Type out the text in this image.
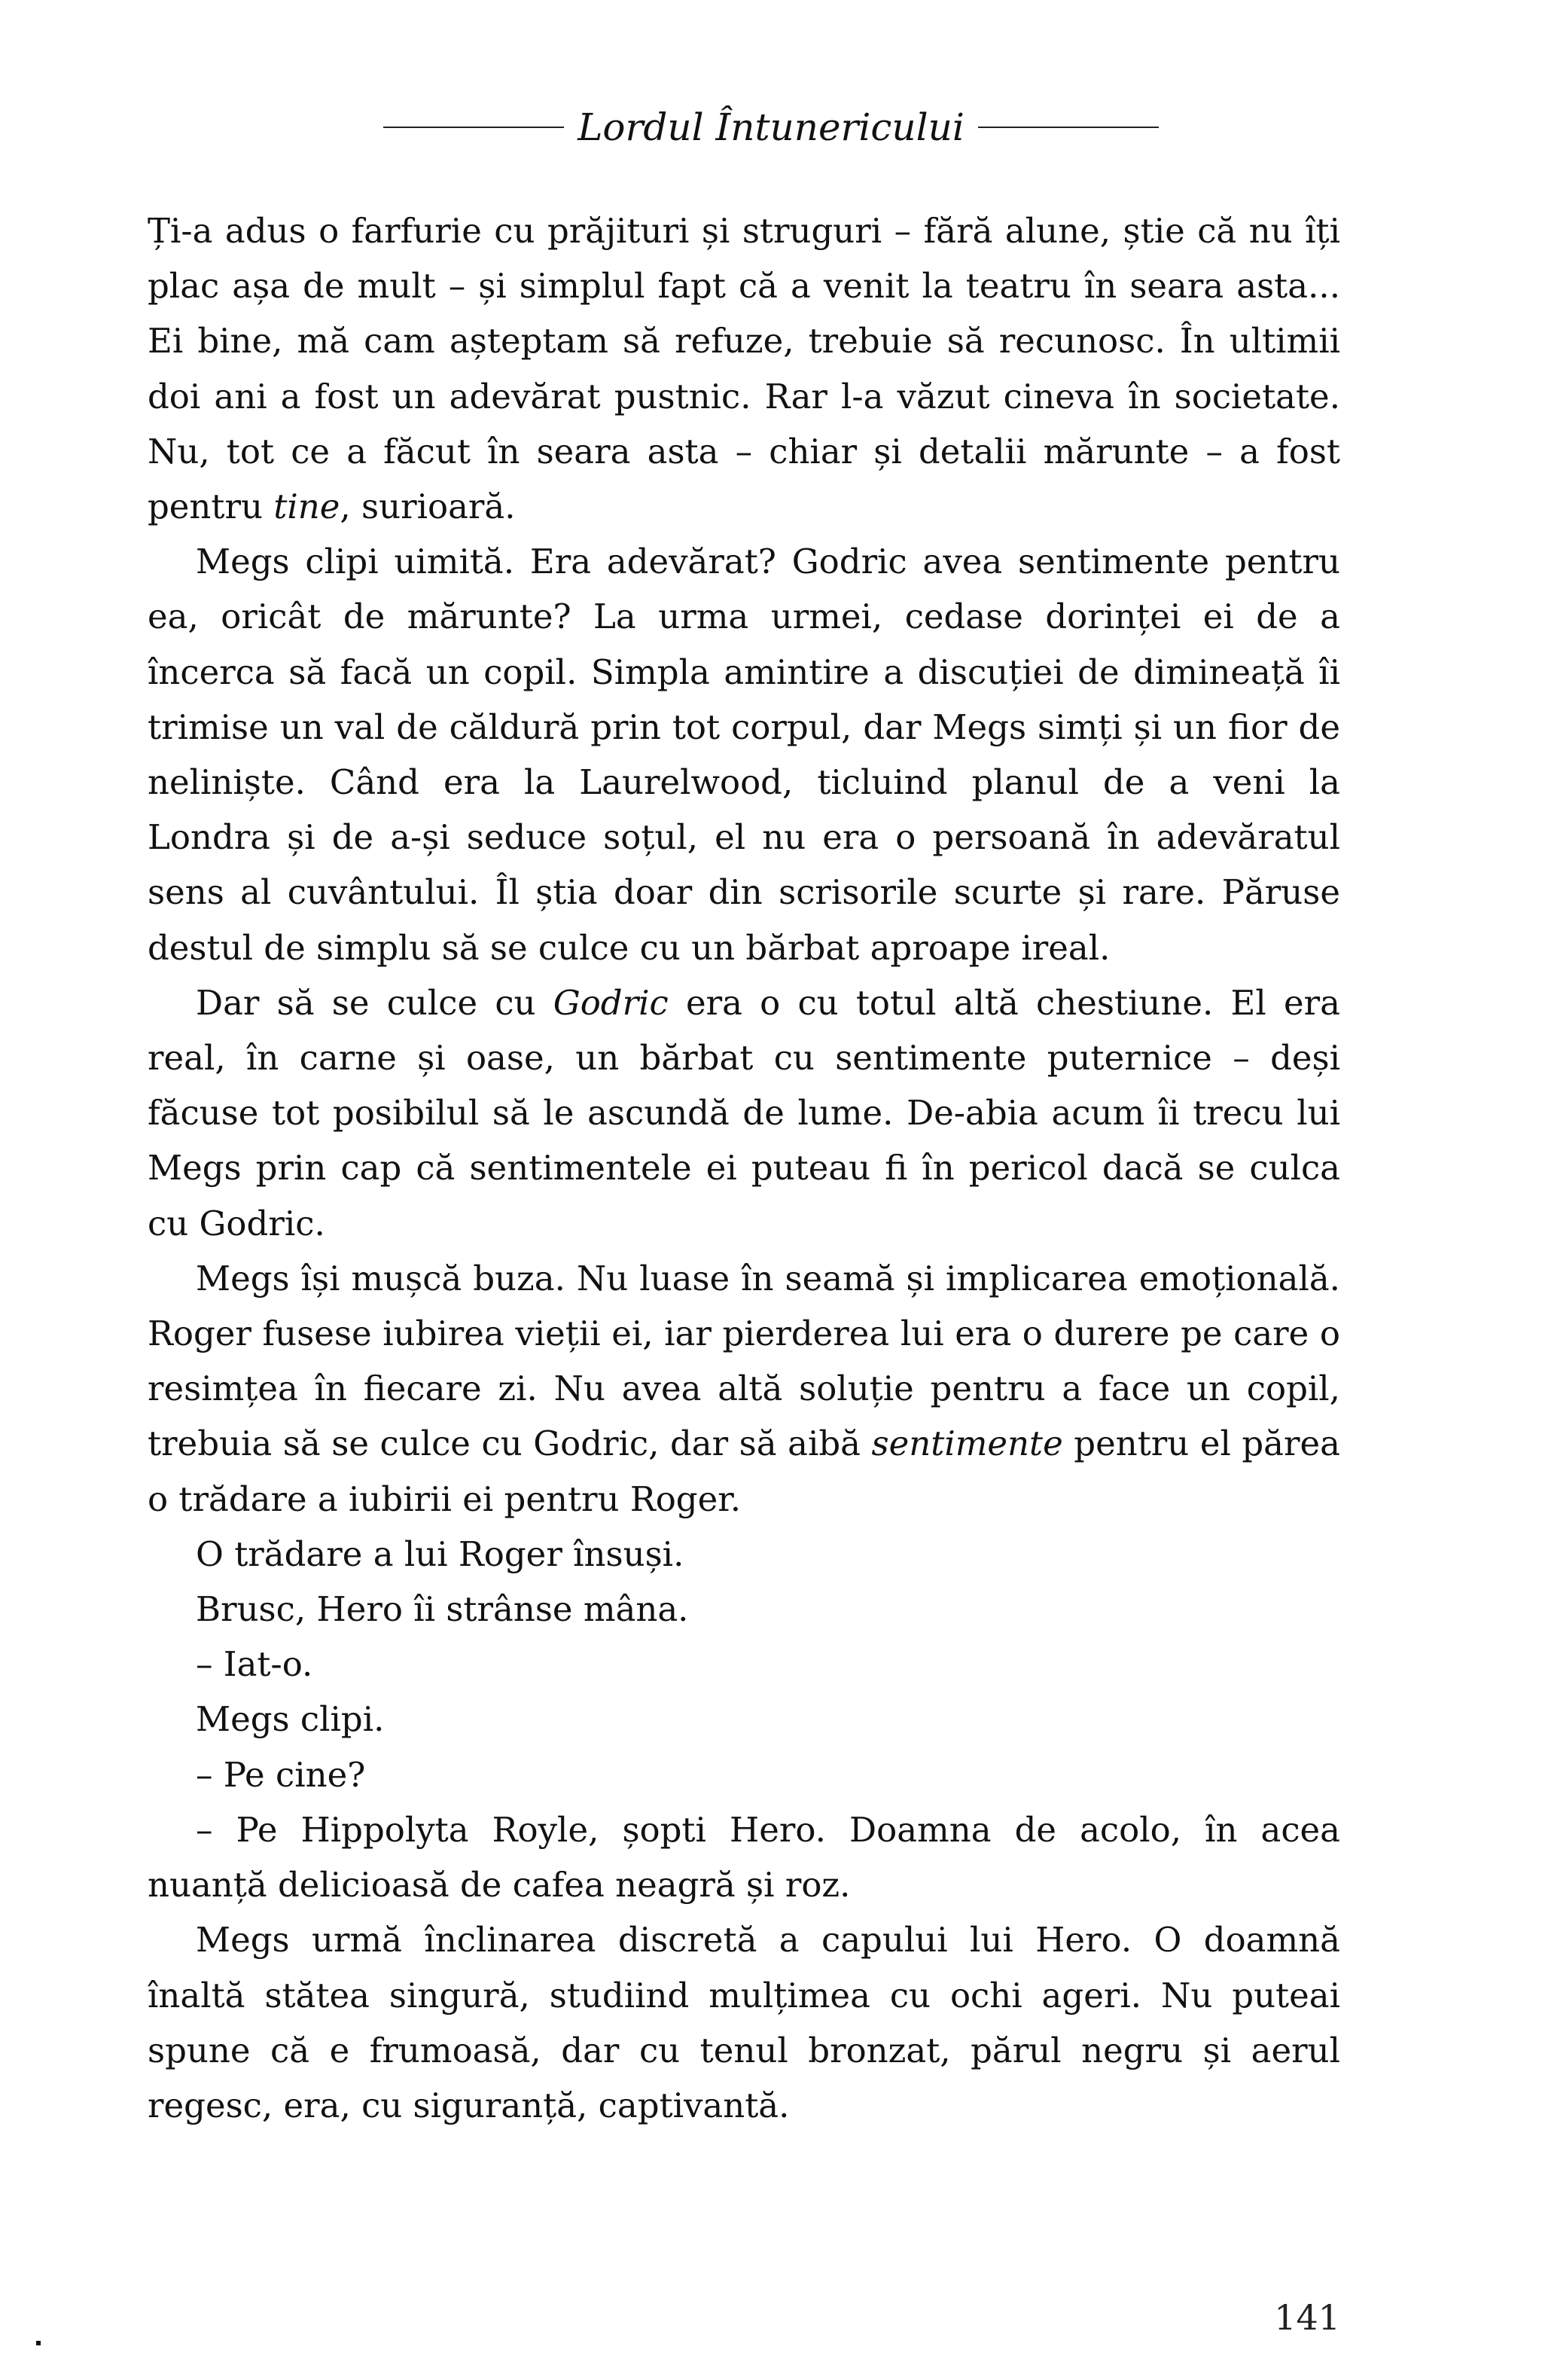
Lordul Întunericului

Ți-a adus o farfurie cu prăjituri și struguri – fără alune, știe că nu îți plac așa de mult – și simplul fapt că a venit la teatru în seara asta... Ei bine, mă cam așteptam să refuze, trebuie să recunosc. În ultimii doi ani a fost un adevărat pustnic. Rar l-a văzut cineva în societate. Nu, tot ce a făcut în seara asta – chiar și detalii mărunte – a fost pentru tine, surioară.

Megs clipi uimită. Era adevărat? Godric avea sentimente pentru ea, oricât de mărunte? La urma urmei, cedase dorinței ei de a încerca să facă un copil. Simpla amintire a discuției de dimineață îi trimise un val de căldură prin tot corpul, dar Megs simți și un fior de neliniște. Când era la Laurelwood, ticluind planul de a veni la Londra și de a-și seduce soțul, el nu era o persoană în adevăratul sens al cuvântului. Îl știa doar din scrisorile scurte și rare. Păruse destul de simplu să se culce cu un bărbat aproape ireal.

Dar să se culce cu Godric era o cu totul altă chestiune. El era real, în carne și oase, un bărbat cu sentimente puternice – deși făcuse tot posibilul să le ascundă de lume. De-abia acum îi trecu lui Megs prin cap că sentimentele ei puteau fi în pericol dacă se culca cu Godric.

Megs își mușcă buza. Nu luase în seamă și implicarea emoțională. Roger fusese iubirea vieții ei, iar pierderea lui era o durere pe care o resimțea în fiecare zi. Nu avea altă soluție pentru a face un copil, trebuia să se culce cu Godric, dar să aibă sentimente pentru el părea o trădare a iubirii ei pentru Roger.

O trădare a lui Roger însuși.

Brusc, Hero îi strânse mâna.

– Iat-o.

Megs clipi.

– Pe cine?

– Pe Hippolyta Royle, șopti Hero. Doamna de acolo, în acea nuanță delicioasă de cafea neagră și roz.

Megs urmă înclinarea discretă a capului lui Hero. O doamnă înaltă stătea singură, studiind mulțimea cu ochi ageri. Nu puteai spune că e frumoasă, dar cu tenul bronzat, părul negru și aerul regesc, era, cu siguranță, captivantă.

141
